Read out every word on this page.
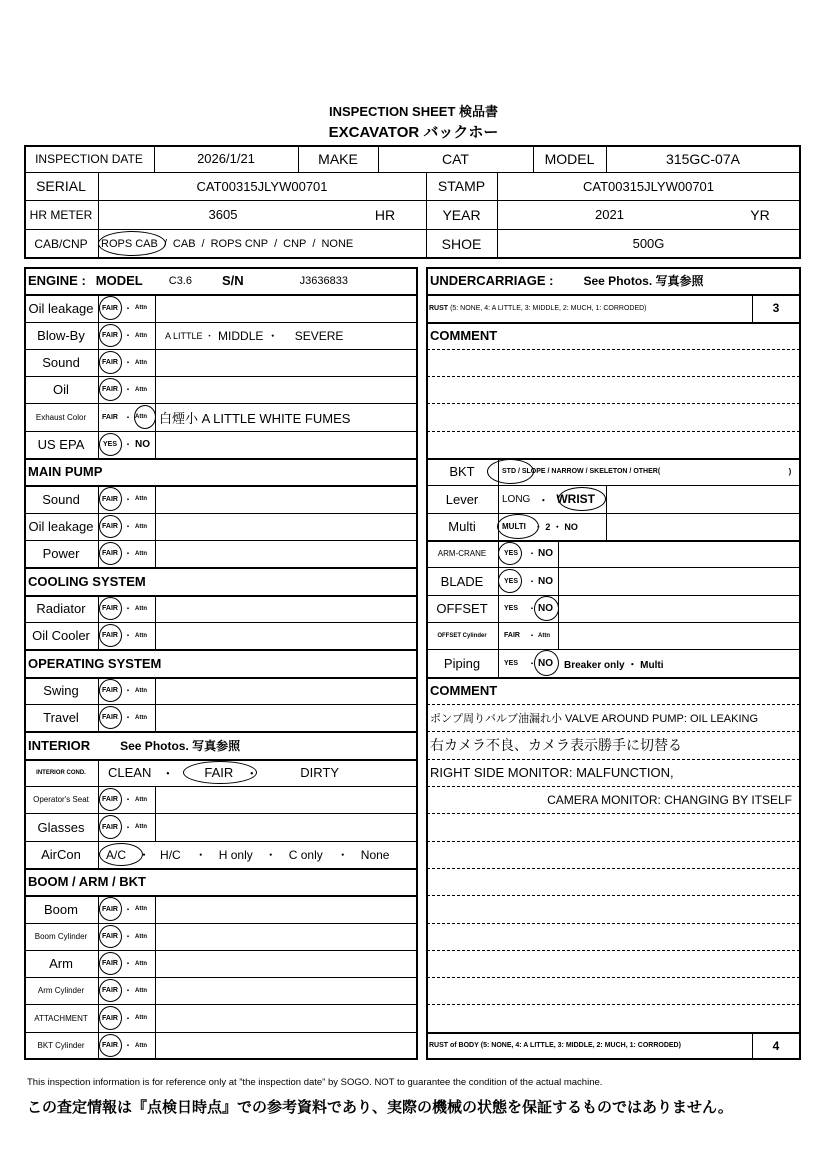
INSPECTION SHEET 検品書
EXCAVATOR バックホー
INSPECTION DATE	2026/1/21	MAKE	CAT	MODEL	315GC-07A
SERIAL	CAT00315JLYW00701	STAMP	CAT00315JLYW00701
HR METER	3605	HR	YEAR	2021	YR
CAB/CNP	ROPS CAB / CAB / ROPS CNP / CNP / NONE	SHOE	500G
ENGINE : MODEL C3.6 S/N	J3636833
Oil leakage	FAIR ・ Attn
Blow-By	FAIR ・ Attn A LITTLE ・ MIDDLE ・ SEVERE
Sound	FAIR ・ Attn
Oil	FAIR ・ Attn
Exhaust Color	FAIR ・ Attn 白煙小 A LITTLE WHITE FUMES
US EPA	YES ・ NO
MAIN PUMP
Sound	FAIR ・ Attn
Oil leakage	FAIR ・ Attn
Power	FAIR ・ Attn
COOLING SYSTEM
Radiator	FAIR ・ Attn
Oil Cooler	FAIR ・ Attn
OPERATING SYSTEM
Swing	FAIR ・ Attn
Travel	FAIR ・ Attn
INTERIOR	See Photos. 写真参照
INTERIOR COND.	CLEAN ・ FAIR ・	DIRTY
Operator's Seat	FAIR ・ Attn
Glasses	FAIR ・ Attn
AirCon	A/C ・ H/C ・ H only ・ C only ・ None
BOOM / ARM / BKT
Boom	FAIR ・ Attn
Boom Cylinder	FAIR ・ Attn
Arm	FAIR ・ Attn
Arm Cylinder	FAIR ・ Attn
ATTACHMENT	FAIR ・ Attn
BKT Cylinder	FAIR ・ Attn
UNDERCARRIAGE :	See Photos. 写真参照
RUST (5: NONE, 4: A LITTLE, 3: MIDDLE, 2: MUCH, 1: CORRODED)	3
COMMENT
BKT	STD / SLOPE / NARROW / SKELETON / OTHER(	)
Lever	LONG ・ WRIST
Multi	MULTI ・ 2 ・ NO
ARM-CRANE	YES	・ NO
BLADE	YES	・ NO
OFFSET	YES	・ NO
OFFSET Cylinder	FAIR	・ Attn
Piping	YES	・ NO	Breaker only ・ Multi
COMMENT
ポンプ周りバルブ油漏れ小 VALVE AROUND PUMP: OIL LEAKING
右カメラ不良、カメラ表示勝手に切替る
RIGHT SIDE MONITOR: MALFUNCTION,
CAMERA MONITOR: CHANGING BY ITSELF
RUST of BODY (5: NONE, 4: A LITTLE, 3: MIDDLE, 2: MUCH, 1: CORRODED)	4
This inspection information is for reference only at ”the inspection date” by SOGO. NOT to guarantee the condition of the actual machine.
この査定情報は『点検日時点』での参考資料であり、実際の機械の状態を保証するものではありません。
